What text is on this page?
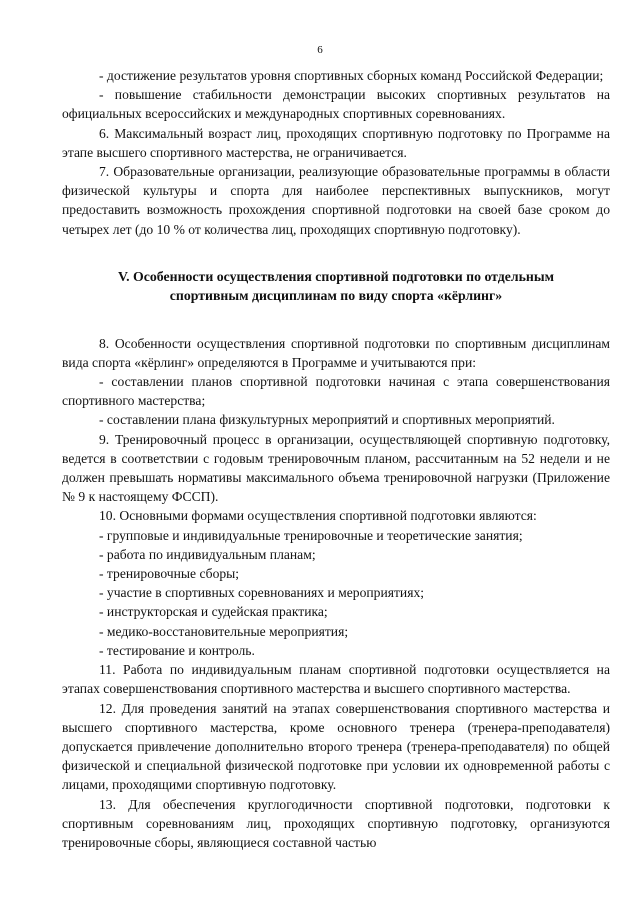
6

- достижение результатов уровня спортивных сборных команд Российской Федерации;

- повышение стабильности демонстрации высоких спортивных результатов на официальных всероссийских и международных спортивных соревнованиях.

6. Максимальный возраст лиц, проходящих спортивную подготовку по Программе на этапе высшего спортивного мастерства, не ограничивается.

7. Образовательные организации, реализующие образовательные программы в области физической культуры и спорта для наиболее перспективных выпускников, могут предоставить возможность прохождения спортивной подготовки на своей базе сроком до четырех лет (до 10 % от количества лиц, проходящих спортивную подготовку).

V. Особенности осуществления спортивной подготовки по отдельным
спортивным дисциплинам по виду спорта «кёрлинг»

8. Особенности осуществления спортивной подготовки по спортивным дисциплинам вида спорта «кёрлинг» определяются в Программе и учитываются при:

- составлении планов спортивной подготовки начиная с этапа совершенствования спортивного мастерства;

- составлении плана физкультурных мероприятий и спортивных мероприятий.

9. Тренировочный процесс в организации, осуществляющей спортивную подготовку, ведется в соответствии с годовым тренировочным планом, рассчитанным на 52 недели и не должен превышать нормативы максимального объема тренировочной нагрузки (Приложение № 9 к настоящему ФССП).

10. Основными формами осуществления спортивной подготовки являются:

- групповые и индивидуальные тренировочные и теоретические занятия;

- работа по индивидуальным планам;

- тренировочные сборы;

- участие в спортивных соревнованиях и мероприятиях;

- инструкторская и судейская практика;

- медико-восстановительные мероприятия;

- тестирование и контроль.

11. Работа по индивидуальным планам спортивной подготовки осуществляется на этапах совершенствования спортивного мастерства и высшего спортивного мастерства.

12. Для проведения занятий на этапах совершенствования спортивного мастерства и высшего спортивного мастерства, кроме основного тренера (тренера-преподавателя) допускается привлечение дополнительно второго тренера (тренера-преподавателя) по общей физической и специальной физической подготовке при условии их одновременной работы с лицами, проходящими спортивную подготовку.

13. Для обеспечения круглогодичности спортивной подготовки, подготовки к спортивным соревнованиям лиц, проходящих спортивную подготовку, организуются тренировочные сборы, являющиеся составной частью
